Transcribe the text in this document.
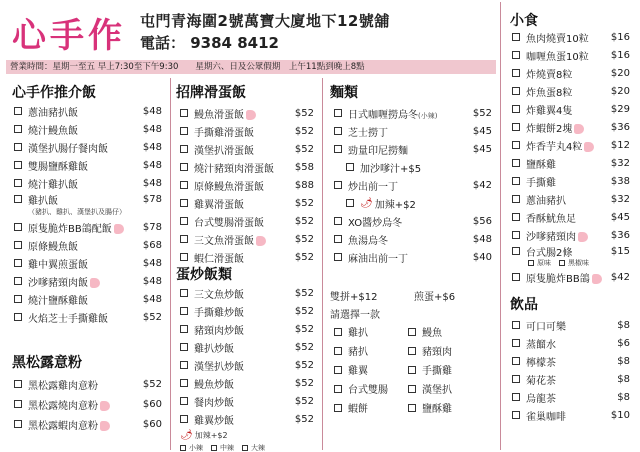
心手作 屯門青海圍2號萬寶大廈地下12號舖
電話： 9384 8412
營業時間：星期一至五 早上7:30至下午9:30　　星期六、日及公眾假期　上午11點到晚上8點
心手作推介飯
蔥油豬扒飯	$48
燒汁鰻魚飯	$48
漢堡扒腸仔餐肉飯	$48
雙腸鹽酥雞飯	$48
燒汁雞扒飯	$48
雞扒飯	$78
（豬扒、雞扒、漢堡扒及腸仔）
原隻脆炸BB鴿配飯	$78
原條鰻魚飯	$68
雞中翼煎蛋飯	$48
沙嗲豬頸肉飯	$48
燒汁鹽酥雞飯	$48
火焰芝士手撕雞飯	$52
黑松露意粉
黑松露雞肉意粉	$52
黑松露燒肉意粉	$60
黑松露蝦肉意粉	$60
招牌滑蛋飯
鰻魚滑蛋飯	$52
手撕雞滑蛋飯	$52
漢堡扒滑蛋飯	$52
燒汁豬頸肉滑蛋飯	$58
原條鰻魚滑蛋飯	$88
雞翼滑蛋飯	$52
台式雙腸滑蛋飯	$52
三文魚滑蛋飯	$52
蝦仁滑蛋飯	$52
蛋炒飯類
三文魚炒飯	$52
手撕雞炒飯	$52
豬頸肉炒飯	$52
雞扒炒飯	$52
漢堡扒炒飯	$52
鰻魚炒飯	$52
餐肉炒飯	$52
雞翼炒飯	$52
🌶 加辣+$2
小辣 中辣 大辣
麵類
日式咖喱撈烏冬(小辣)	$52
芝士撈丁	$45
勁量印尼撈麵	$45
加沙嗲汁+$5
炒出前一丁	$42
🌶 加辣+$2
XO醬炒烏冬	$56
魚湯烏冬	$48
麻油出前一丁	$40
雙拼+$12	煎蛋+$6
請選擇一款
雞扒	鰻魚
豬扒	豬頸肉
雞翼	手撕雞
台式雙腸	漢堡扒
蝦餅	鹽酥雞
小食
魚肉燒賣10粒	$16
咖喱魚蛋10粒	$16
炸燒賣8粒	$20
炸魚蛋8粒	$20
炸雞翼4隻	$29
炸蝦餅2塊	$36
炸香芋丸4粒	$12
鹽酥雞	$32
手撕雞	$38
蔥油豬扒	$32
香酥魷魚足	$45
沙嗲豬頸肉	$36
台式腸2條	$15
原味 黑椒味
原隻脆炸BB鴿	$42
飲品
可口可樂	$8
蒸餾水	$6
檸檬茶	$8
菊花茶	$8
烏龍茶	$8
雀巢咖啡	$10
